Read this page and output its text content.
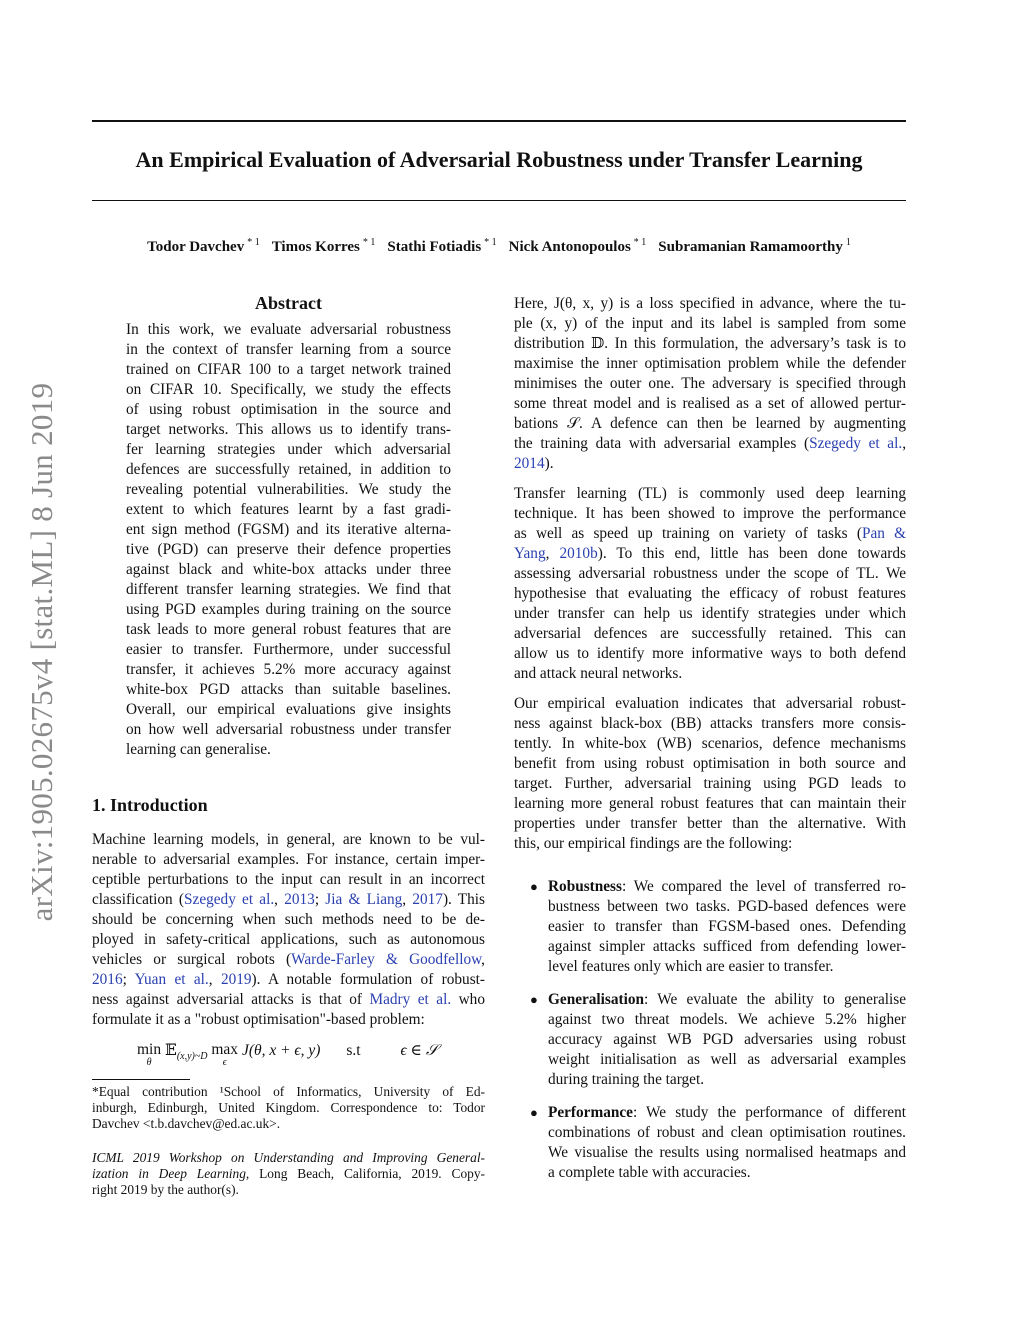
arXiv:1905.02675v4 [stat.ML] 8 Jun 2019
An Empirical Evaluation of Adversarial Robustness under Transfer Learning
Todor Davchev $^{* 1}$ Timos Korres $^{* 1}$ Stathi Fotiadis $^{* 1}$ Nick Antonopoulos $^{* 1}$ Subramanian Ramamoorthy $^1$
Abstract
In this work, we evaluate adversarial robustness
in the context of transfer learning from a source
trained on CIFAR 100 to a target network trained
on CIFAR 10. Specifically, we study the effects
of using robust optimisation in the source and
target networks. This allows us to identify trans-
fer learning strategies under which adversarial
defences are successfully retained, in addition to
revealing potential vulnerabilities. We study the
extent to which features learnt by a fast gradi-
ent sign method (FGSM) and its iterative alterna-
tive (PGD) can preserve their defence properties
against black and white-box attacks under three
different transfer learning strategies. We find that
using PGD examples during training on the source
task leads to more general robust features that are
easier to transfer. Furthermore, under successful
transfer, it achieves 5.2% more accuracy against
white-box PGD attacks than suitable baselines.
Overall, our empirical evaluations give insights
on how well adversarial robustness under transfer
learning can generalise.
1. Introduction
Machine learning models, in general, are known to be vul-
nerable to adversarial examples. For instance, certain imper-
ceptible perturbations to the input can result in an incorrect
classification (Szegedy et al., 2013; Jia & Liang, 2017). This
should be concerning when such methods need to be de-
ployed in safety-critical applications, such as autonomous
vehicles or surgical robots (Warde-Farley & Goodfellow,
2016; Yuan et al., 2019). A notable formulation of robust-
ness against adversarial attacks is that of Madry et al. who
formulate it as a "robust optimisation"-based problem:
min

θ
𝔼$_{(x,y)\sim D}$ max

ϵ
J(θ, x + ϵ, y) s.t	ϵ ∈ 𝒮
*Equal contribution ¹School of Informatics, University of Ed-
inburgh, Edinburgh, United Kingdom. Correspondence to: Todor
Davchev <t.b.davchev@ed.ac.uk>.
ICML 2019 Workshop on Understanding and Improving General-
ization in Deep Learning, Long Beach, California, 2019. Copy-
right 2019 by the author(s).
Here, J(θ, x, y) is a loss specified in advance, where the tu-
ple (x, y) of the input and its label is sampled from some
distribution 𝔻. In this formulation, the adversary’s task is to
maximise the inner optimisation problem while the defender
minimises the outer one. The adversary is specified through
some threat model and is realised as a set of allowed pertur-
bations 𝒮. A defence can then be learned by augmenting
the training data with adversarial examples (Szegedy et al.,
2014).
Transfer learning (TL) is commonly used deep learning
technique. It has been showed to improve the performance
as well as speed up training on variety of tasks (Pan &
Yang, 2010b). To this end, little has been done towards
assessing adversarial robustness under the scope of TL. We
hypothesise that evaluating the efficacy of robust features
under transfer can help us identify strategies under which
adversarial defences are successfully retained. This can
allow us to identify more informative ways to both defend
and attack neural networks.
Our empirical evaluation indicates that adversarial robust-
ness against black-box (BB) attacks transfers more consis-
tently. In white-box (WB) scenarios, defence mechanisms
benefit from using robust optimisation in both source and
target. Further, adversarial training using PGD leads to
learning more general robust features that can maintain their
properties under transfer better than the alternative. With
this, our empirical findings are the following:
● Robustness: We compared the level of transferred ro-
bustness between two tasks. PGD-based defences were
easier to transfer than FGSM-based ones. Defending
against simpler attacks sufficed from defending lower-
level features only which are easier to transfer.
● Generalisation: We evaluate the ability to generalise
against two threat models. We achieve 5.2% higher
accuracy against WB PGD adversaries using robust
weight initialisation as well as adversarial examples
during training the target.
● Performance: We study the performance of different
combinations of robust and clean optimisation routines.
We visualise the results using normalised heatmaps and
a complete table with accuracies.
